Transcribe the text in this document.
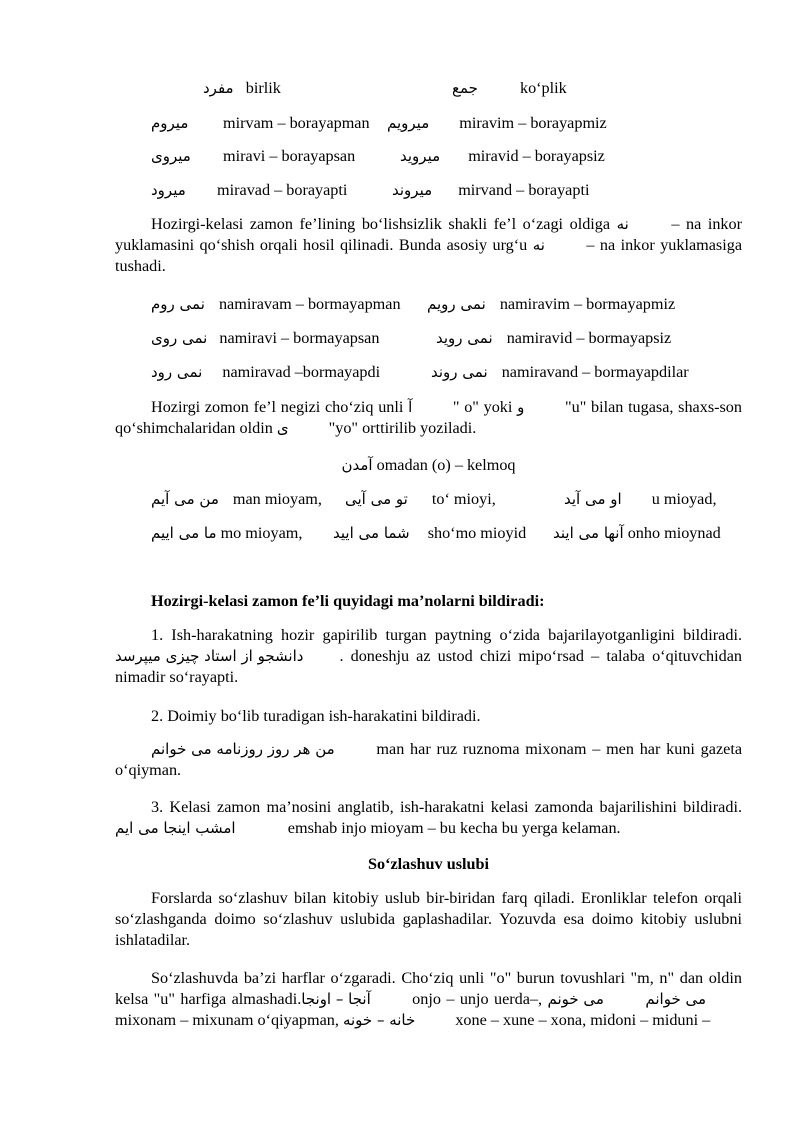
مفرد birlik	جمع	ko‘plik
میروم mirvam – borayapman میرویم miravim – borayapmiz
میروی miravi – borayapsan	میروید miravid – borayapsiz
میرود miravad – borayapti	میروند mirvand – borayapti
Hozirgi-kelasi zamon fe’lining bo‘lishsizlik shakli fe’l o‘zagi oldiga نه	– na inkor yuklamasini qo‘shish orqali hosil qilinadi. Bunda asosiy urg‘u نه	– na inkor yuklamasiga tushadi.
نمی روم namiravam – bormayapman نمی رویم namiravim – bormayapmiz
نمی روی namiravi – bormayapsan	نمی روید namiravid – bormayapsiz
نمی رود namiravad –bormayapdi	نمی روند namiravand – bormayapdilar
Hozirgi zomon fe’l negizi cho‘ziq unli آ	" o" yoki و	"u" bilan tugasa, shaxs-son qo‘shimchalaridan oldin ی "yo" orttirilib yoziladi.
آمدن omadan (o) – kelmoq
من می آیم man mioyam, تو می آیی to‘ mioyi,	او می آید u mioyad,
ما می اییم mo mioyam, شما می ایید sho‘mo mioyid آنها می ایند onho mioynad
Hozirgi-kelasi zamon fe’li quyidagi ma’nolarni bildiradi:
1. Ish-harakatning hozir gapirilib turgan paytning o‘zida bajarilayotganligini bildiradi. دانشجو از استاد چیزی میپرسد . doneshju az ustod chizi mipo‘rsad – talaba o‘qituvchidan nimadir so‘rayapti.
2. Doimiy bo‘lib turadigan ish-harakatini bildiradi.
من هر روز روزنامه می خوانم	man har ruz ruznoma mixonam – men har kuni gazeta o‘qiyman.
3. Kelasi zamon ma’nosini anglatib, ish-harakatni kelasi zamonda bajarilishini bildiradi. امشب اینجا می ایم	emshab injo mioyam – bu kecha bu yerga kelaman.
So‘zlashuv uslubi
Forslarda so‘zlashuv bilan kitobiy uslub bir-biridan farq qiladi. Eronliklar telefon orqali so‘zlashganda doimo so‘zlashuv uslubida gaplashadilar. Yozuvda esa doimo kitobiy uslubni ishlatadilar.
So‘zlashuvda ba’zi harflar o‘zgaradi. Cho‘ziq unli "o" burun tovushlari "m, n" dan oldin kelsa "u" harfiga almashadi.آنجا – اونجا	onjo – unjo uerda–, می خونم	می خوانم mixonam – mixunam o‘qiyapman, خانه – خونه xone – xune – xona, midoni – miduni –
